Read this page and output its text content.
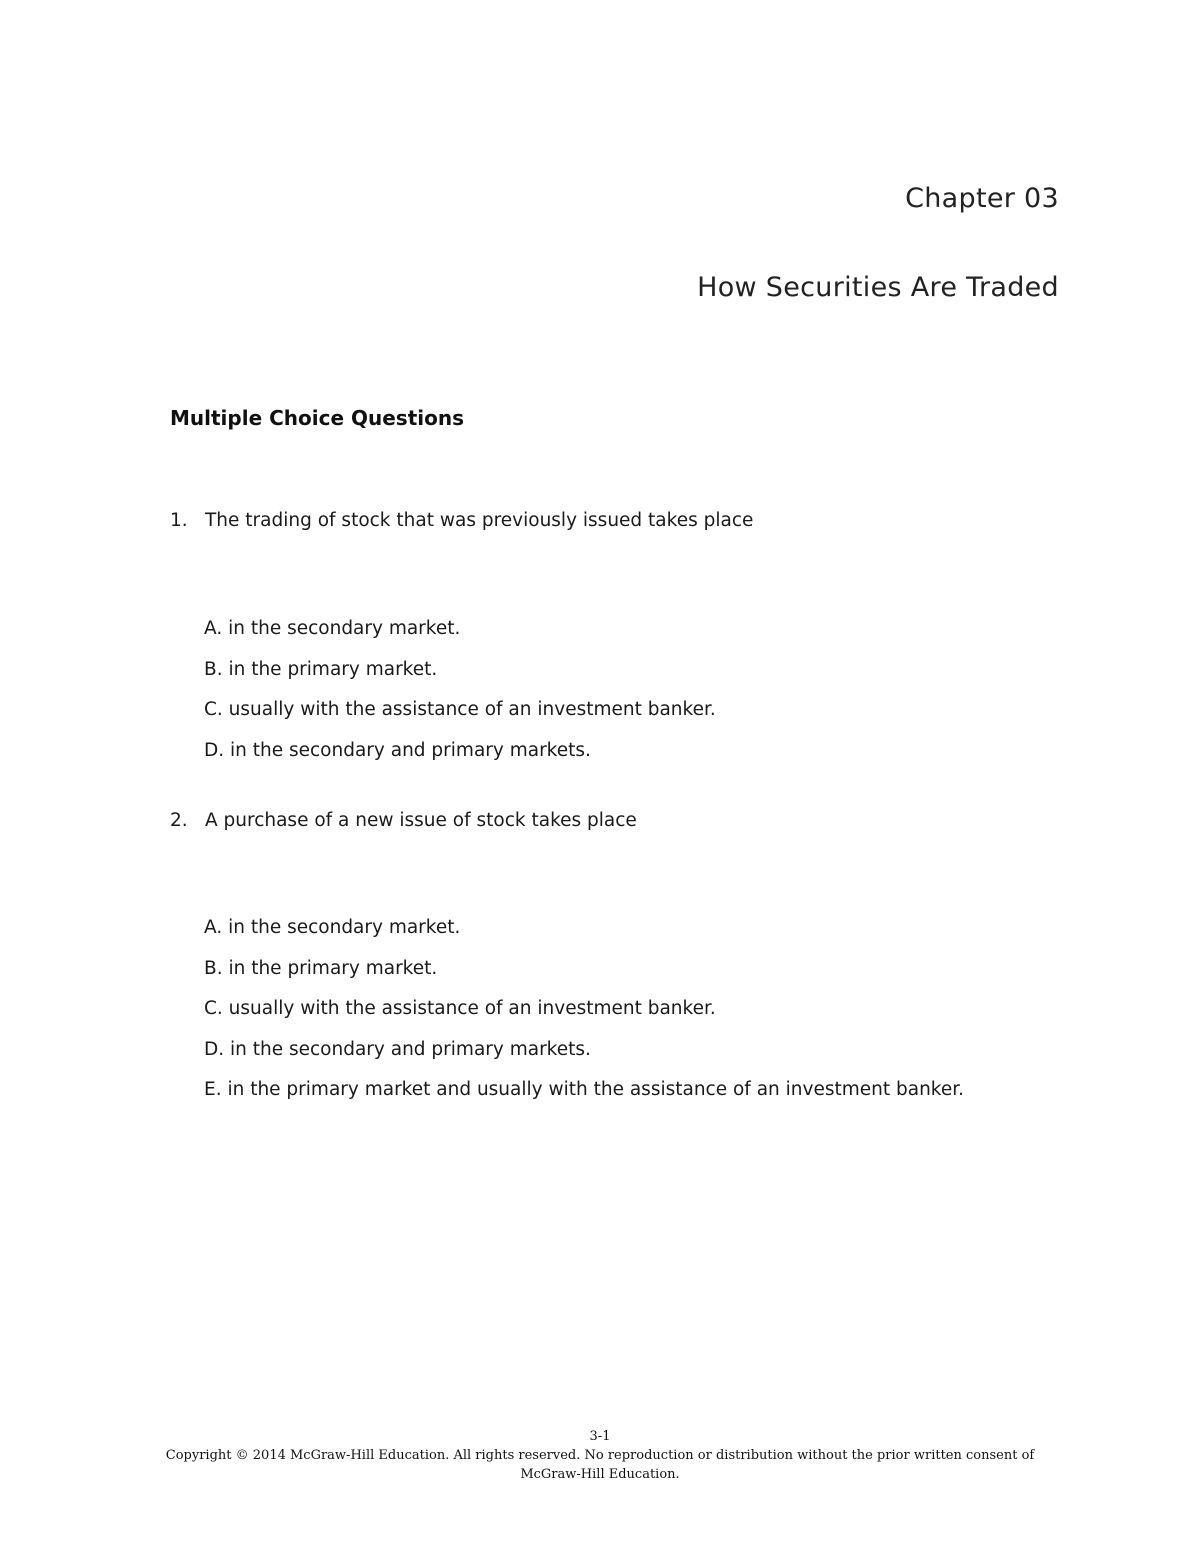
Chapter 03
How Securities Are Traded
Multiple Choice Questions
1. The trading of stock that was previously issued takes place
A. in the secondary market.
B. in the primary market.
C. usually with the assistance of an investment banker.
D. in the secondary and primary markets.
2. A purchase of a new issue of stock takes place
A. in the secondary market.
B. in the primary market.
C. usually with the assistance of an investment banker.
D. in the secondary and primary markets.
E. in the primary market and usually with the assistance of an investment banker.
3-1
Copyright © 2014 McGraw-Hill Education. All rights reserved. No reproduction or distribution without the prior written consent of
McGraw-Hill Education.
